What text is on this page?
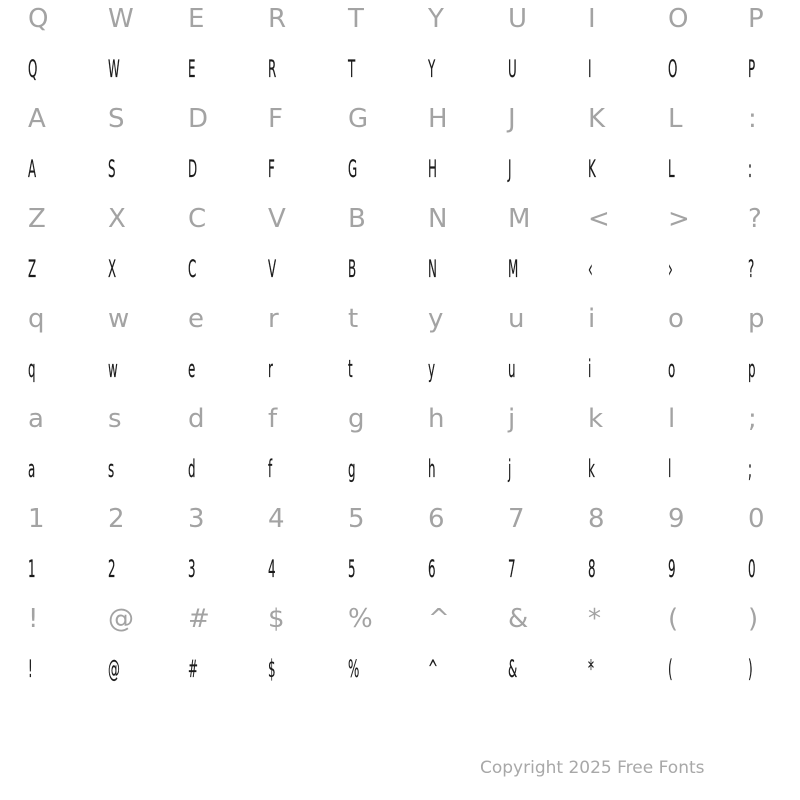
Q	W	E	R	T	Y	U	I	O	P
Q	W	E	R	T	Y	U	I	O	P
A	S	D	F	G	H	J	K	L	:
A	S	D	F	G	H	J	K	L	:
Z	X	C	V	B	N	M	<	>	?
Z	X	C	V	B	N	M	‹	›	?
q	w	e	r	t	y	u	i	o	p
q	w	e	r	t	y	u	i	o	p
a	s	d	f	g	h	j	k	l	;
a	s	d	f	g	h	j	k	l	;
1	2	3	4	5	6	7	8	9	0
1	2	3	4	5	6	7	8	9	0
!	@	#	$	%	^	&	*	(	)
!	@	#	$	%	^	&	*	(	)
Copyright 2025 Free Fonts
